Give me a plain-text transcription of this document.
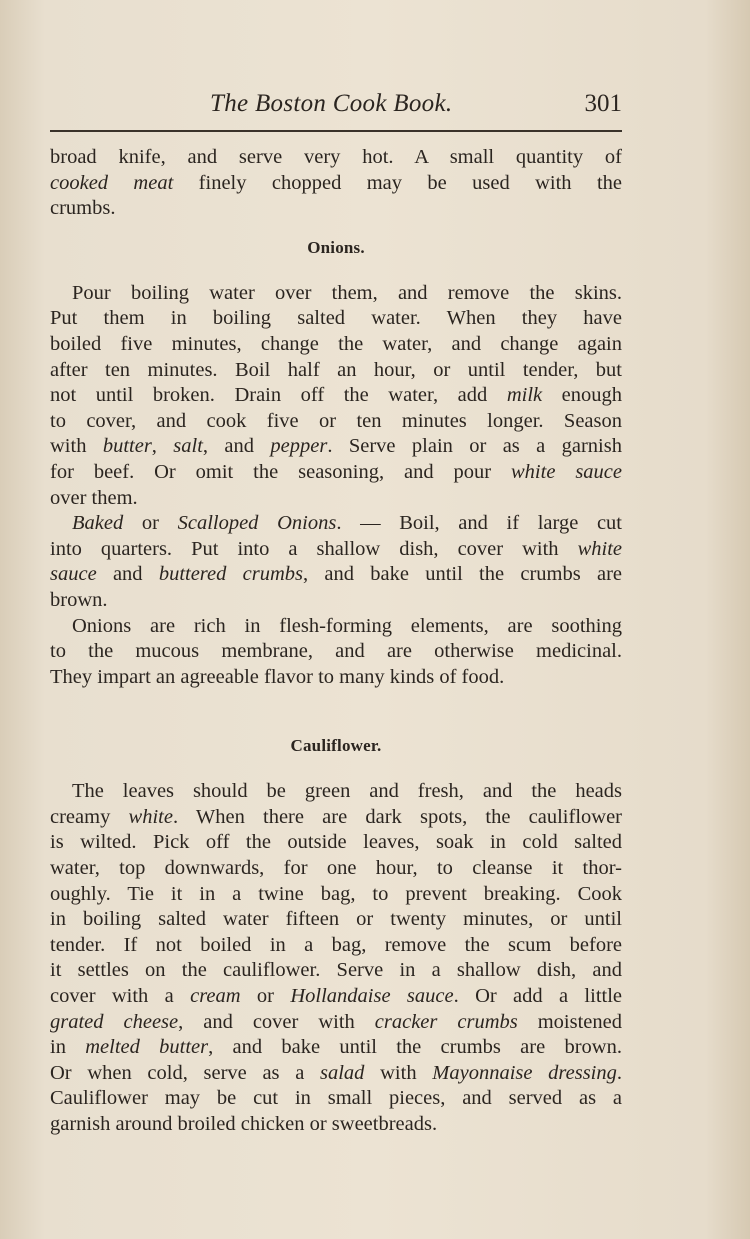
The Boston Cook Book.	301
broad knife, and serve very hot. A small quantity of
cooked meat finely chopped may be used with the
crumbs.
Onions.
Pour boiling water over them, and remove the skins.
Put them in boiling salted water. When they have
boiled five minutes, change the water, and change again
after ten minutes. Boil half an hour, or until tender, but
not until broken. Drain off the water, add milk enough
to cover, and cook five or ten minutes longer. Season
with butter, salt, and pepper. Serve plain or as a garnish
for beef. Or omit the seasoning, and pour white sauce
over them.
Baked or Scalloped Onions. — Boil, and if large cut
into quarters. Put into a shallow dish, cover with white
sauce and buttered crumbs, and bake until the crumbs are
brown.
Onions are rich in flesh-forming elements, are soothing
to the mucous membrane, and are otherwise medicinal.
They impart an agreeable flavor to many kinds of food.
Cauliflower.
The leaves should be green and fresh, and the heads
creamy white. When there are dark spots, the cauliflower
is wilted. Pick off the outside leaves, soak in cold salted
water, top downwards, for one hour, to cleanse it thor-
oughly. Tie it in a twine bag, to prevent breaking. Cook
in boiling salted water fifteen or twenty minutes, or until
tender. If not boiled in a bag, remove the scum before
it settles on the cauliflower. Serve in a shallow dish, and
cover with a cream or Hollandaise sauce. Or add a little
grated cheese, and cover with cracker crumbs moistened
in melted butter, and bake until the crumbs are brown.
Or when cold, serve as a salad with Mayonnaise dressing.
Cauliflower may be cut in small pieces, and served as a
garnish around broiled chicken or sweetbreads.
